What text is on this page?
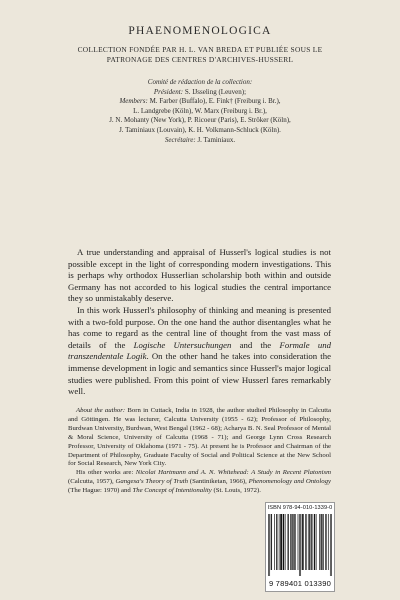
PHAENOMENOLOGICA
COLLECTION FONDÉE PAR H. L. VAN BREDA ET PUBLIÉE SOUS LE
PATRONAGE DES CENTRES D'ARCHIVES-HUSSERL
Comité de rédaction de la collection:
Président: S. IJsseling (Leuven);
Members: M. Farber (Buffalo), E. Fink† (Freiburg i. Br.),
L. Landgrebe (Köln), W. Marx (Freiburg i. Br.),
J. N. Mohanty (New York), P. Ricoeur (Paris), E. Ströker (Köln),
J. Taminiaux (Louvain), K. H. Volkmann-Schluck (Köln).
Secrétaire: J. Taminiaux.

A true understanding and appraisal of Husserl's logical studies is not possible except in the light of corresponding modern investigations. This is perhaps why orthodox Husserlian scholarship both within and outside Germany has not accorded to his logical studies the central importance they so unmistakably deserve.

In this work Husserl's philosophy of thinking and meaning is presented with a two-fold purpose. On the one hand the author disentangles what he has come to regard as the central line of thought from the vast mass of details of the Logische Untersuchungen and the Formale und transzendentale Logik. On the other hand he takes into consideration the immense development in logic and semantics since Husserl's major logical studies were published. From this point of view Husserl fares remarkably well.

About the author: Born in Cuttack, India in 1928, the author studied Philosophy in Calcutta and Göttingen. He was lecturer, Calcutta University (1955 - 62); Professor of Philosophy, Burdwan University, Burdwan, West Bengal (1962 - 68); Acharya B. N. Seal Professor of Mental & Moral Science, University of Calcutta (1968 - 71); and George Lynn Cross Research Professor, University of Oklahoma (1971 - 75). At present he is Professor and Chairman of the Department of Philosophy, Graduate Faculty of Social and Political Science at the New School for Social Research, New York City.

His other works are: Nicolai Hartmann and A. N. Whitehead: A Study in Recent Platonism (Calcutta, 1957), Gangesa's Theory of Truth (Santiniketan, 1966), Phenomenology and Ontology (The Hague: 1970) and The Concept of Intentionality (St. Louis, 1972).

ISBN 978-94-010-1339-0
9 789401 013390
